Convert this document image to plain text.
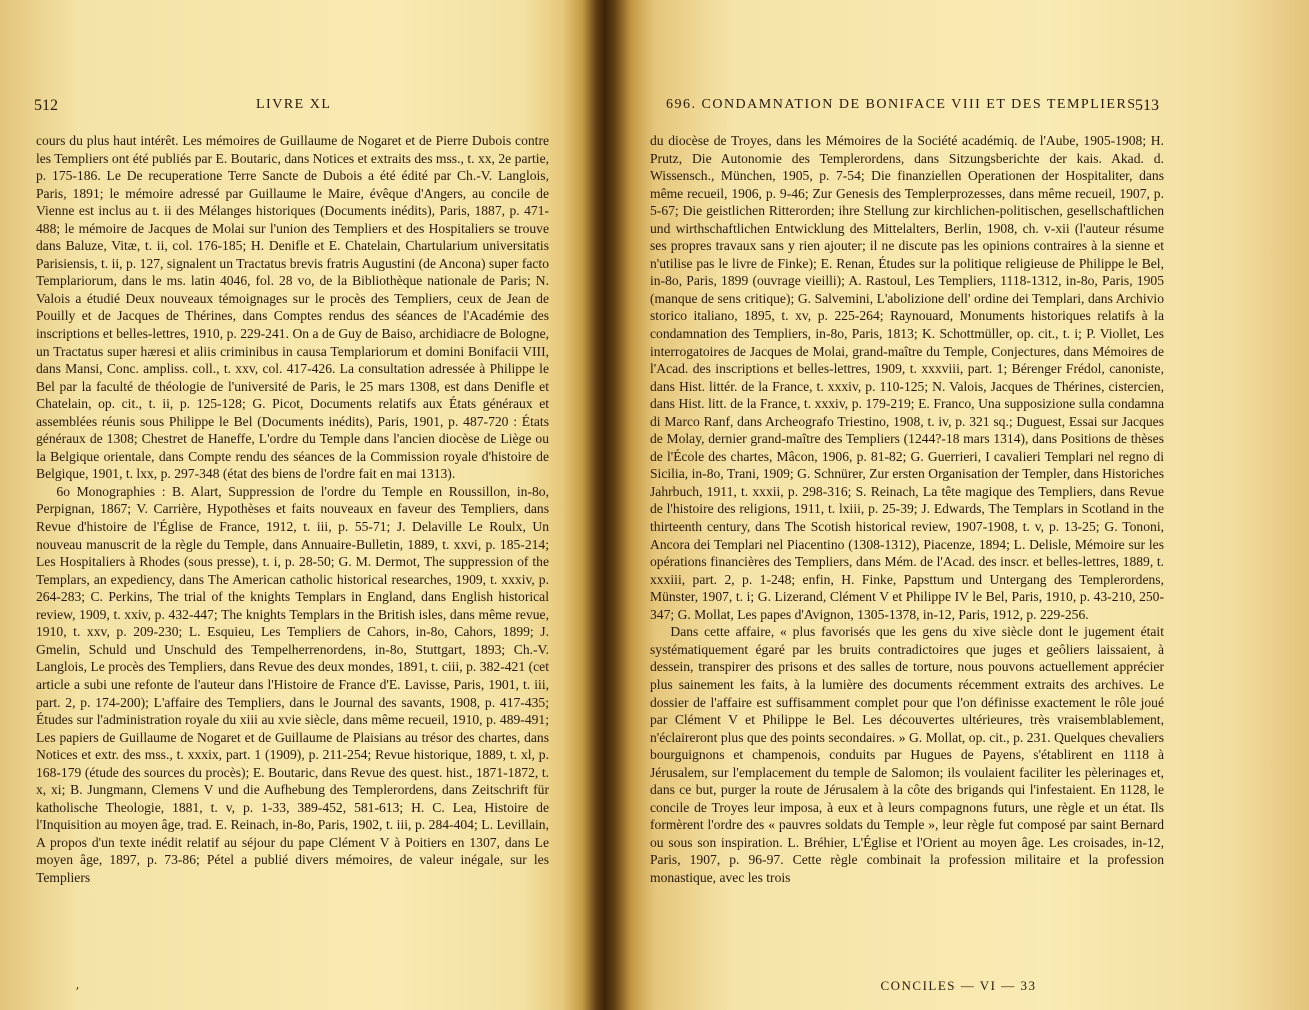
512	LIVRE XL

cours du plus haut intérêt. Les mémoires de Guillaume de Nogaret et de Pierre Dubois contre les Templiers ont été publiés par E. Boutaric, dans Notices et extraits des mss., t. xx, 2e partie, p. 175-186. Le De recuperatione Terre Sancte de Dubois a été édité par Ch.-V. Langlois, Paris, 1891; le mémoire adressé par Guillaume le Maire, évêque d'Angers, au concile de Vienne est inclus au t. ii des Mélanges historiques (Documents inédits), Paris, 1887, p. 471-488; le mémoire de Jacques de Molai sur l'union des Templiers et des Hospitaliers se trouve dans Baluze, Vitæ, t. ii, col. 176-185; H. Denifle et E. Chatelain, Chartularium universitatis Parisiensis, t. ii, p. 127, signalent un Tractatus brevis fratris Augustini (de Ancona) super facto Templariorum, dans le ms. latin 4046, fol. 28 vo, de la Bibliothèque nationale de Paris; N. Valois a étudié Deux nouveaux témoignages sur le procès des Templiers, ceux de Jean de Pouilly et de Jacques de Thérines, dans Comptes rendus des séances de l'Académie des inscriptions et belles-lettres, 1910, p. 229-241. On a de Guy de Baiso, archidiacre de Bologne, un Tractatus super hæresi et aliis criminibus in causa Templariorum et domini Bonifacii VIII, dans Mansi, Conc. ampliss. coll., t. xxv, col. 417-426. La consultation adressée à Philippe le Bel par la faculté de théologie de l'université de Paris, le 25 mars 1308, est dans Denifle et Chatelain, op. cit., t. ii, p. 125-128; G. Picot, Documents relatifs aux États généraux et assemblées réunis sous Philippe le Bel (Documents inédits), Paris, 1901, p. 487-720 : États généraux de 1308; Chestret de Haneffe, L'ordre du Temple dans l'ancien diocèse de Liège ou la Belgique orientale, dans Compte rendu des séances de la Commission royale d'histoire de Belgique, 1901, t. lxx, p. 297-348 (état des biens de l'ordre fait en mai 1313).

6o Monographies : B. Alart, Suppression de l'ordre du Temple en Roussillon, in-8o, Perpignan, 1867; V. Carrière, Hypothèses et faits nouveaux en faveur des Templiers, dans Revue d'histoire de l'Église de France, 1912, t. iii, p. 55-71; J. Delaville Le Roulx, Un nouveau manuscrit de la règle du Temple, dans Annuaire-Bulletin, 1889, t. xxvi, p. 185-214; Les Hospitaliers à Rhodes (sous presse), t. i, p. 28-50; G. M. Dermot, The suppression of the Templars, an expediency, dans The American catholic historical researches, 1909, t. xxxiv, p. 264-283; C. Perkins, The trial of the knights Templars in England, dans English historical review, 1909, t. xxiv, p. 432-447; The knights Templars in the British isles, dans même revue, 1910, t. xxv, p. 209-230; L. Esquieu, Les Templiers de Cahors, in-8o, Cahors, 1899; J. Gmelin, Schuld und Unschuld des Tempelherrenordens, in-8o, Stuttgart, 1893; Ch.-V. Langlois, Le procès des Templiers, dans Revue des deux mondes, 1891, t. ciii, p. 382-421 (cet article a subi une refonte de l'auteur dans l'Histoire de France d'E. Lavisse, Paris, 1901, t. iii, part. 2, p. 174-200); L'affaire des Templiers, dans le Journal des savants, 1908, p. 417-435; Études sur l'administration royale du xiii au xvie siècle, dans même recueil, 1910, p. 489-491; Les papiers de Guillaume de Nogaret et de Guillaume de Plaisians au trésor des chartes, dans Notices et extr. des mss., t. xxxix, part. 1 (1909), p. 211-254; Revue historique, 1889, t. xl, p. 168-179 (étude des sources du procès); E. Boutaric, dans Revue des quest. hist., 1871-1872, t. x, xi; B. Jungmann, Clemens V und die Aufhebung des Templerordens, dans Zeitschrift für katholische Theologie, 1881, t. v, p. 1-33, 389-452, 581-613; H. C. Lea, Histoire de l'Inquisition au moyen âge, trad. E. Reinach, in-8o, Paris, 1902, t. iii, p. 284-404; L. Levillain, A propos d'un texte inédit relatif au séjour du pape Clément V à Poitiers en 1307, dans Le moyen âge, 1897, p. 73-86; Pétel a publié divers mémoires, de valeur inégale, sur les Templiers

ʼ
696. CONDAMNATION DE BONIFACE VIII ET DES TEMPLIERS
513

du diocèse de Troyes, dans les Mémoires de la Société académiq. de l'Aube, 1905-1908; H. Prutz, Die Autonomie des Templerordens, dans Sitzungsberichte der kais. Akad. d. Wissensch., München, 1905, p. 7-54; Die finanziellen Operationen der Hospitaliter, dans même recueil, 1906, p. 9-46; Zur Genesis des Templerprozesses, dans même recueil, 1907, p. 5-67; Die geistlichen Ritterorden; ihre Stellung zur kirchlichen-politischen, gesellschaftlichen und wirthschaftlichen Entwicklung des Mittelalters, Berlin, 1908, ch. v-xii (l'auteur résume ses propres travaux sans y rien ajouter; il ne discute pas les opinions contraires à la sienne et n'utilise pas le livre de Finke); E. Renan, Études sur la politique religieuse de Philippe le Bel, in-8o, Paris, 1899 (ouvrage vieilli); A. Rastoul, Les Templiers, 1118-1312, in-8o, Paris, 1905 (manque de sens critique); G. Salvemini, L'abolizione dell' ordine dei Templari, dans Archivio storico italiano, 1895, t. xv, p. 225-264; Raynouard, Monuments historiques relatifs à la condamnation des Templiers, in-8o, Paris, 1813; K. Schottmüller, op. cit., t. i; P. Viollet, Les interrogatoires de Jacques de Molai, grand-maître du Temple, Conjectures, dans Mémoires de l'Acad. des inscriptions et belles-lettres, 1909, t. xxxviii, part. 1; Bérenger Frédol, canoniste, dans Hist. littér. de la France, t. xxxiv, p. 110-125; N. Valois, Jacques de Thérines, cistercien, dans Hist. litt. de la France, t. xxxiv, p. 179-219; E. Franco, Una supposizione sulla condamna di Marco Ranf, dans Archeografo Triestino, 1908, t. iv, p. 321 sq.; Duguest, Essai sur Jacques de Molay, dernier grand-maître des Templiers (1244?-18 mars 1314), dans Positions de thèses de l'École des chartes, Mâcon, 1906, p. 81-82; G. Guerrieri, I cavalieri Templari nel regno di Sicilia, in-8o, Trani, 1909; G. Schnürer, Zur ersten Organisation der Templer, dans Historiches Jahrbuch, 1911, t. xxxii, p. 298-316; S. Reinach, La tête magique des Templiers, dans Revue de l'histoire des religions, 1911, t. lxiii, p. 25-39; J. Edwards, The Templars in Scotland in the thirteenth century, dans The Scotish historical review, 1907-1908, t. v, p. 13-25; G. Tononi, Ancora dei Templari nel Piacentino (1308-1312), Piacenze, 1894; L. Delisle, Mémoire sur les opérations financières des Templiers, dans Mém. de l'Acad. des inscr. et belles-lettres, 1889, t. xxxiii, part. 2, p. 1-248; enfin, H. Finke, Papsttum und Untergang des Templerordens, Münster, 1907, t. i; G. Lizerand, Clément V et Philippe IV le Bel, Paris, 1910, p. 43-210, 250-347; G. Mollat, Les papes d'Avignon, 1305-1378, in-12, Paris, 1912, p. 229-256.

Dans cette affaire, « plus favorisés que les gens du xive siècle dont le jugement était systématiquement égaré par les bruits contradictoires que juges et geôliers laissaient, à dessein, transpirer des prisons et des salles de torture, nous pouvons actuellement apprécier plus sainement les faits, à la lumière des documents récemment extraits des archives. Le dossier de l'affaire est suffisamment complet pour que l'on définisse exactement le rôle joué par Clément V et Philippe le Bel. Les découvertes ultérieures, très vraisemblablement, n'éclaireront plus que des points secondaires. » G. Mollat, op. cit., p. 231. Quelques chevaliers bourguignons et champenois, conduits par Hugues de Payens, s'établirent en 1118 à Jérusalem, sur l'emplacement du temple de Salomon; ils voulaient faciliter les pèlerinages et, dans ce but, purger la route de Jérusalem à la côte des brigands qui l'infestaient. En 1128, le concile de Troyes leur imposa, à eux et à leurs compagnons futurs, une règle et un état. Ils formèrent l'ordre des « pauvres soldats du Temple », leur règle fut composé par saint Bernard ou sous son inspiration. L. Bréhier, L'Église et l'Orient au moyen âge. Les croisades, in-12, Paris, 1907, p. 96-97. Cette règle combinait la profession militaire et la profession monastique, avec les trois

CONCILES — VI — 33
